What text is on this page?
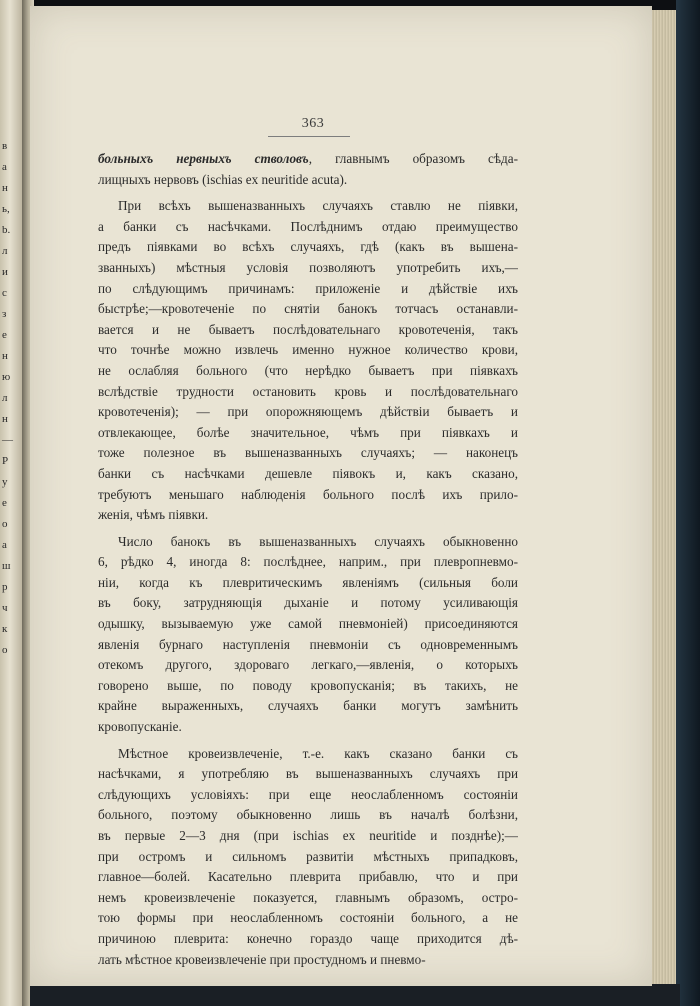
в
а
н
ь,
b.
л
и
c
з
е
н
ю
л
н
—
Р
у
е
о
а
ш
р
ч
к
о
363
больныхъ нервныхъ стволовъ, главнымъ образомъ сѣда-
лищныхъ нервовъ (ischias ex neuritide acuta).
При всѣхъ вышеназванныхъ случаяхъ ставлю не піявки,
а банки съ насѣчками. Послѣднимъ отдаю преимущество
предъ піявками во всѣхъ случаяхъ, гдѣ (какъ въ вышена-
званныхъ) мѣстныя условія позволяютъ употребить ихъ,—
по слѣдующимъ причинамъ: приложеніе и дѣйствіе ихъ
быстрѣе;—кровотеченіе по снятіи банокъ тотчасъ останавли-
вается и не бываетъ послѣдовательнаго кровотеченія, такъ
что точнѣе можно извлечь именно нужное количество крови,
не ослабляя больного (что нерѣдко бываетъ при піявкахъ
вслѣдствіе трудности остановить кровь и послѣдовательнаго
кровотеченія); — при опорожняющемъ дѣйствіи бываетъ и
отвлекающее, болѣе значительное, чѣмъ при піявкахъ и
тоже полезное въ вышеназванныхъ случаяхъ; — наконецъ
банки съ насѣчками дешевле піявокъ и, какъ сказано,
требуютъ меньшаго наблюденія больного послѣ ихъ прило-
женія, чѣмъ піявки.
Число банокъ въ вышеназванныхъ случаяхъ обыкновенно
6, рѣдко 4, иногда 8: послѣднее, наприм., при плевропневмо-
ніи, когда къ плевритическимъ явленіямъ (сильныя боли
въ боку, затрудняющія дыханіе и потому усиливающія
одышку, вызываемую уже самой пневмоніей) присоединяются
явленія бурнаго наступленія пневмоніи съ одновременнымъ
отекомъ другого, здороваго легкаго,—явленія, о которыхъ
говорено выше, по поводу кровопусканія; въ такихъ, не
крайне выраженныхъ, случаяхъ банки могутъ замѣнить
кровопусканіе.
Мѣстное кровеизвлеченіе, т.-е. какъ сказано банки съ
насѣчками, я употребляю въ вышеназванныхъ случаяхъ при
слѣдующихъ условіяхъ: при еще неослабленномъ состояніи
больного, поэтому обыкновенно лишь въ началѣ болѣзни,
въ первые 2—3 дня (при ischias ex neuritide и позднѣе);—
при остромъ и сильномъ развитіи мѣстныхъ припадковъ,
главное—болей. Касательно плеврита прибавлю, что и при
немъ кровеизвлеченіе показуется, главнымъ образомъ, остро-
тою формы при неослабленномъ состояніи больного, а не
причиною плеврита: конечно гораздо чаще приходится дѣ-
лать мѣстное кровеизвлеченіе при простудномъ и пневмо-
